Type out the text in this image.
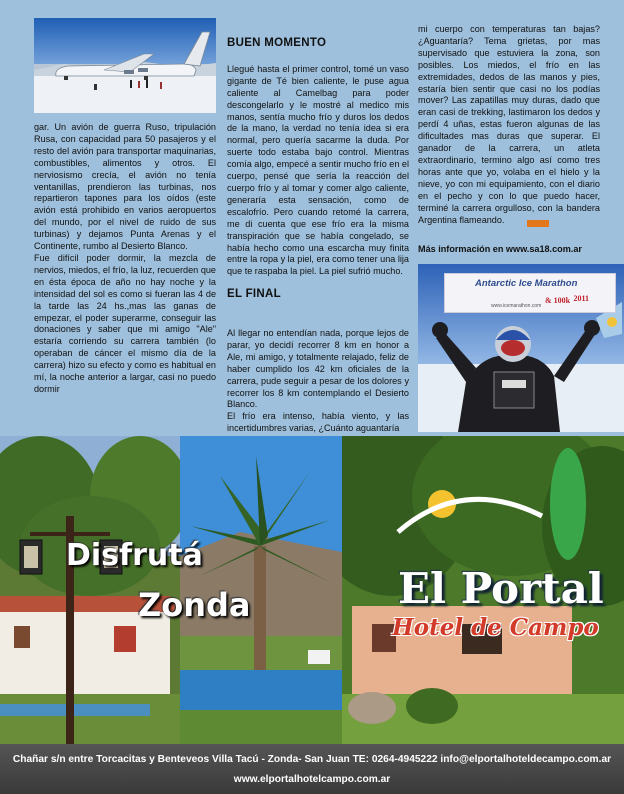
gar. Un avión de guerra Ruso, tripulación Rusa, con capacidad para 50 pasajeros y el resto del avión para transportar maquinarias, combustibles, alimentos y otros. El nerviosismo crecía, el avión no tenía ventanillas, prendieron las turbinas, nos repartieron tapones para los oídos (este avión está prohibido en varios aeropuertos del mundo, por el nivel de ruido de sus turbinas) y dejamos Punta Arenas y el Continente, rumbo al Desierto Blanco.
Fue difícil poder dormir, la mezcla de nervios, miedos, el frío, la luz, recuerden que en ésta época de año no hay noche y la intensidad del sol es como si fueran las 4 de la tarde las 24 hs.,mas las ganas de empezar, el poder superarme, conseguir las donaciones y saber que mi amigo "Ale" estaría corriendo su carrera también (lo operaban de cáncer el mismo día de la carrera) hizo su efecto y como es habitual en mí, la noche anterior a largar, casi no puedo dormir
BUEN MOMENTO

Llegué hasta el primer control, tomé un vaso gigante de Té bien caliente, le puse agua caliente al Camelbag para poder descongelarlo y le mostré al medico mis manos, sentía mucho frío y duros los dedos de la mano, la verdad no tenía idea si era normal, pero quería sacarme la duda. Por suerte todo estaba bajo control. Mientras comía algo, empecé a sentir mucho frío en el cuerpo, pensé que sería la reacción del cuerpo frío y al tomar y comer algo caliente, generaría esta sensación, como de escalofrío. Pero cuando retomé la carrera, me di cuenta que ese frío era la misma transpiración que se había congelado, se había hecho como una escarcha muy finita entre la ropa y la piel, era como tener una lija que te raspaba la piel. La piel sufrió mucho.

Al llegar no entendían nada, porque lejos de parar, yo decidí recorrer 8 km en honor a Ale, mi amigo, y totalmente relajado, feliz de haber cumplido los 42 km oficiales de la carrera, pude seguir a pesar de los dolores y recorrer los 8 km contemplando el Desierto Blanco.
El frío era intenso, había viento, y las incertidumbres varias, ¿Cuánto aguantaría

EL FINAL
mi cuerpo con temperaturas tan bajas? ¿Aguantaría? Tema grietas, por mas supervisado que estuviera la zona, son posibles. Los miedos, el frío en las extremidades, dedos de las manos y pies, estaría bien sentir que casi no los podías mover? Las zapatillas muy duras, dado que eran casi de trekking, lastimaron los dedos y perdí 4 uñas, estas fueron algunas de las dificultades mas duras que superar. El ganador de la carrera, un atleta extraordinario, termino algo así como tres horas ante que yo, volaba en el hielo y la nieve, yo con mi equipamiento, con el diario en el pecho y con lo que puedo hacer, terminé la carrera orgulloso, con la bandera Argentina flameando.
Más información en www.sa18.com.ar
Antarctic Ice Marathon
& 100k 2011
www.icemarathon.com
Disfrutá
Zonda	El Portal
Hotel de Campo
Chañar s/n entre Torcacitas y Benteveos Villa Tacú - Zonda- San Juan TE: 0264-4945222 info@elportalhoteldecampo.com.ar
www.elportalhotelcampo.com.ar
